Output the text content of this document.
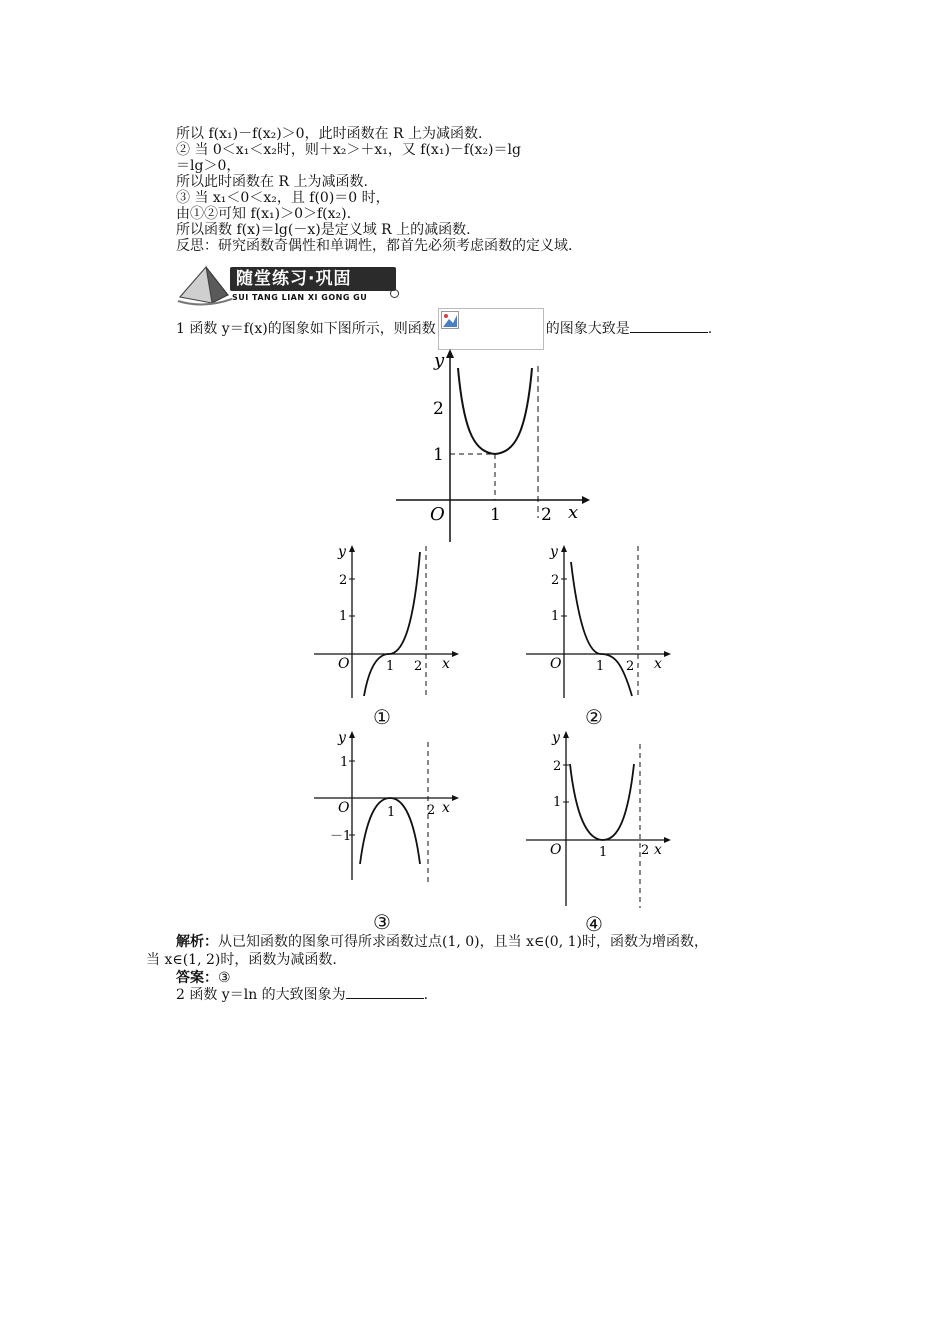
所以 f(x₁)－f(x₂)＞0，此时函数在 R 上为减函数.
② 当 0＜x₁＜x₂时，则＋x₂＞＋x₁，又 f(x₁)－f(x₂)＝lg
＝lg＞0，
所以此时函数在 R 上为减函数.
③ 当 x₁＜0＜x₂，且 f(0)＝0 时，
由①②可知 f(x₁)＞0＞f(x₂).
所以函数 f(x)＝lg(－x)是定义域 R 上的减函数.
反思：研究函数奇偶性和单调性，都首先必须考虑函数的定义域.
随堂练习·巩固
SUI TANG LIAN XI GONG GU
1 函数 y＝f(x)的图象如下图所示，则函数	的图象大致是	.
y
x
O	1 2
1
2
y
x
O	1 2
1
2
①
y
x
O	1 2
1
2
②
y
x
O	1 2
1
－1
③
y
x
O	1	2
1
2
④
解析：从已知函数的图象可得所求函数过点(1, 0)，且当 x∈(0, 1)时，函数为增函数，
当 x∈(1, 2)时，函数为减函数.
答案：③
2 函数 y＝ln 的大致图象为	.
